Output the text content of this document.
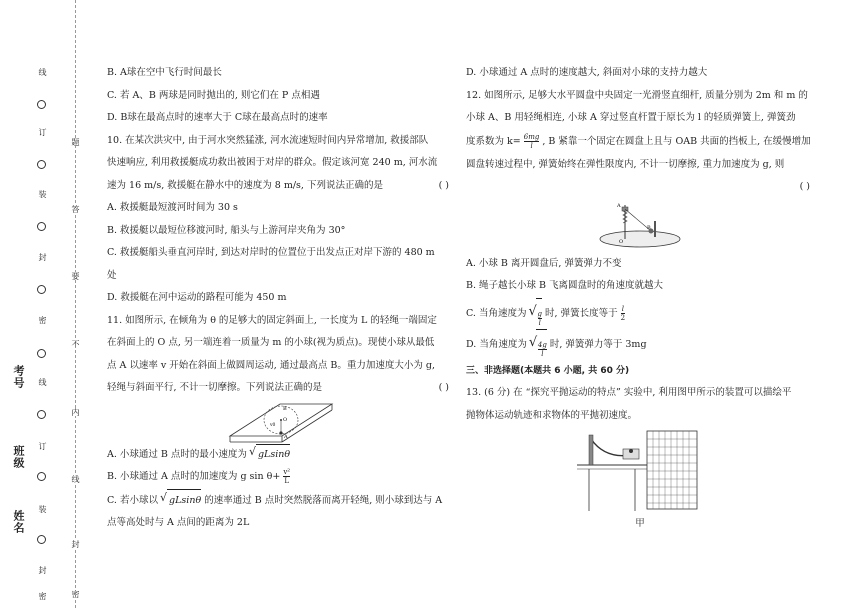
题
答
要
不
内
线
封
密
线
订
装
封
密
线
订
装
封
密
考号
班级
姓名
B. A球在空中飞行时间最长
C. 若 A、B 两球是同时抛出的, 则它们在 P 点相遇
D. B球在最高点时的速率大于 C球在最高点时的速率
10. 在某次洪灾中, 由于河水突然猛涨, 河水流速短时间内异常增加, 救援部队
快速响应, 利用救援艇成功救出被困于对岸的群众。假定该河宽 240 m, 河水流
速为 16 m/s, 救援艇在静水中的速度为 8 m/s, 下列说法正确的是	( )
A. 救援艇最短渡河时间为 30 s
B. 救援艇以最短位移渡河时, 船头与上游河岸夹角为 30°
C. 救援艇船头垂直河岸时, 到达对岸时的位置位于出发点正对岸下游的 480 m
处
D. 救援艇在河中运动的路程可能为 450 m
11. 如图所示, 在倾角为 θ 的足够大的固定斜面上, 一长度为 L 的轻绳一端固定
在斜面上的 O 点, 另一端连着一质量为 m 的小球(视为质点)。现使小球从最低
点 A 以速率 v 开始在斜面上做圆周运动, 通过最高点 B。重力加速度大小为 g,
轻绳与斜面平行, 不计一切摩擦。下列说法正确的是	( )
B
v0
O
A
A. 小球通过 B 点时的最小速度为 √ gLsinθ
B. 小球通过 A 点时的加速度为 g $\sin \theta+ \frac{\text{v²}}{L}$
C. 若小球以 √ gLsinθ 的速率通过 B 点时突然脱落而离开轻绳, 则小球到达与 A
点等高处时与 A 点间的距离为 2L
D. 小球通过 A 点时的速度越大, 斜面对小球的支持力越大
12. 如图所示, 足够大水平圆盘中央固定一光滑竖直细杆, 质量分别为 2m 和 m 的
小球 A、B 用轻绳相连, 小球 A 穿过竖直杆置于原长为 l 的轻质弹簧上, 弹簧劲
度系数为 $k= \frac{6mg}{l}$ , B 紧靠一个固定在圆盘上且与 OAB 共面的挡板上, 在缓慢增加
圆盘转速过程中, 弹簧始终在弹性限度内, 不计一切摩擦, 重力加速度为 g, 则
( )

A
B
O
A. 小球 B 离开圆盘后, 弹簧弹力不变
B. 绳子越长小球 B 飞离圆盘时的角速度就越大
C. 当角速度为 √ $\frac{g}{l}$ 时, 弹簧长度等于 $\frac{l}{2}$
D. 当角速度为 √ $\frac{4g}{l}$ 时, 弹簧弹力等于 3mg
三、非选择题(本题共 6 小题, 共 60 分)
13. (6 分) 在 “探究平抛运动的特点” 实验中, 利用图甲所示的装置可以描绘平
抛物体运动轨迹和求物体的平抛初速度。
甲
